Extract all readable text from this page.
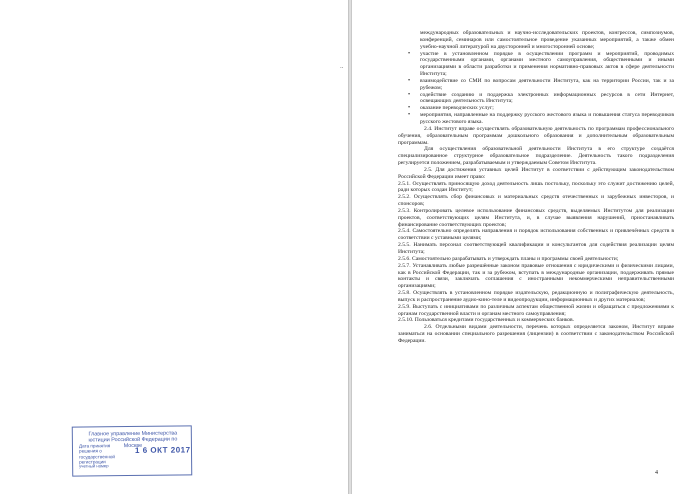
..
Главное управление Министерства юстиции Российской Федерации по Москве
Дата принятия решения о государственной регистрации
1 6 ОКТ 2017
учетный номер

международных образовательных и научно-исследовательских проектов, конгрессов, симпозиумов, конференций, семинаров или самостоятельное проведение указанных мероприятий, а также обмен учебно-научной литературой на двусторонней и многосторонней основе;

• участие в установленном порядке в осуществлении программ и мероприятий, проводимых государственными органами, органами местного самоуправления, общественными и иными организациями в области разработки и применения нормативно-правовых актов в сфере деятельности Института;

• взаимодействие со СМИ по вопросам деятельности Института, как на территории России, так и за рубежом;

• содействие созданию и поддержка электронных информационных ресурсов в сети Интернет, освещающих деятельность Института;

• оказание переводческих услуг;

• мероприятия, направленные на поддержку русского жестового языка и повышения статуса переводчиков русского жестового языка.

2.4. Институт вправе осуществлять образовательную деятельность по программам профессионального обучения, образовательным программам дошкольного образования и дополнительным образовательным программам.

Для осуществления образовательной деятельности Института в его структуре создаётся специализированное структурное образовательное подразделение. Деятельность такого подразделения регулируется положением, разрабатываемым и утверждаемым Советом Института.

2.5. Для достижения уставных целей Институт в соответствии с действующим законодательством Российской Федерации имеет право:

2.5.1. Осуществлять приносящую доход деятельность лишь постольку, поскольку это служит достижению целей, ради которых создан Институт;

2.5.2. Осуществлять сбор финансовых и материальных средств отечественных и зарубежных инвесторов, и спонсоров;

2.5.3. Контролировать целевое использование финансовых средств, выделяемых Институтом для реализации проектов, соответствующих целям Института, и, в случае выявления нарушений, приостанавливать финансирование соответствующих проектов;

2.5.4. Самостоятельно определять направления и порядок использования собственных и привлечённых средств в соответствии с уставными целями;

2.5.5. Нанимать персонал соответствующей квалификации и консультантов для содействия реализации целям Института;

2.5.6. Самостоятельно разрабатывать и утверждать планы и программы своей деятельности;

2.5.7. Устанавливать любые разрешённые законом правовые отношения с юридическими и физическими лицами, как в Российской Федерации, так и за рубежом, вступать в международные организации, поддерживать прямые контакты и связи, заключать соглашения с иностранными некоммерческими неправительственными организациями;

2.5.8. Осуществлять в установленном порядке издательскую, редакционную и полиграфическую деятельность, выпуск и распространение аудио-кино-теле и видеопродукции, информационных и других материалов;

2.5.9. Выступать с инициативами по различным аспектам общественной жизни и обращаться с предложениями к органам государственной власти и органам местного самоуправления;

2.5.10. Пользоваться кредитами государственных и коммерческих банков.

2.6. Отдельными видами деятельности, перечень которых определяется законом, Институт вправе заниматься на основании специального разрешения (лицензии) в соответствии с законодательством Российской Федерации.

4
